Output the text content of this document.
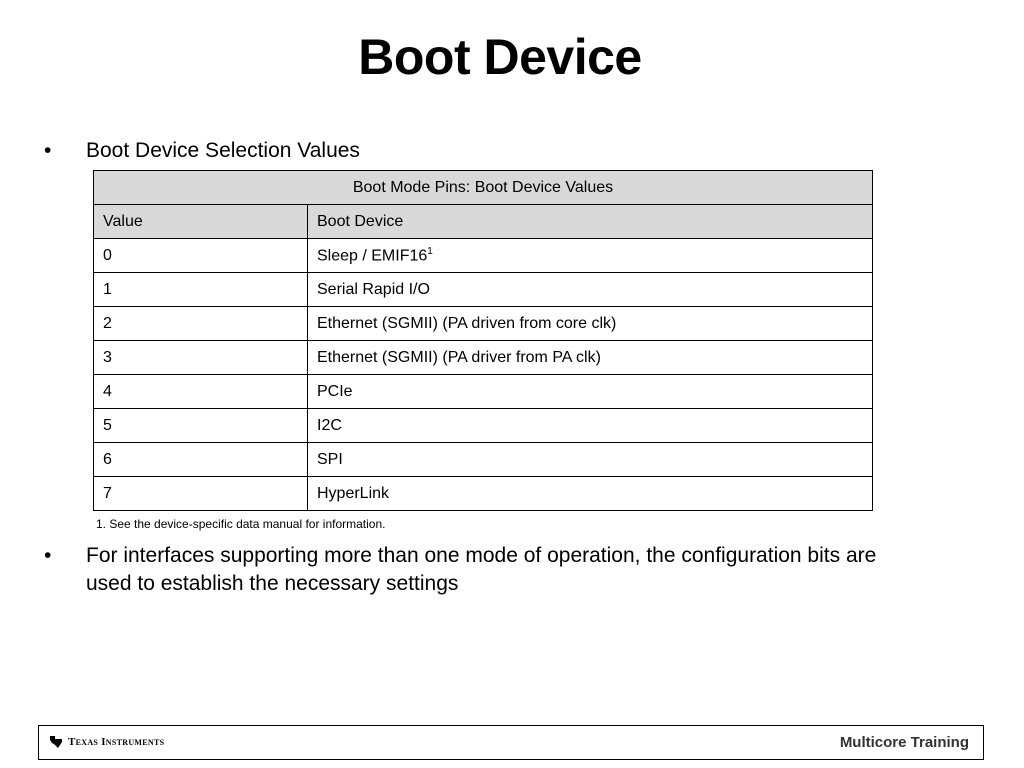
Boot Device
•	Boot Device Selection Values
Boot Mode Pins: Boot Device Values	
Value	Boot Device
0	Sleep / $EMIF16^1$
1	Serial Rapid I/O
2	Ethernet (SGMII) (PA driven from core clk)
3	Ethernet (SGMII) (PA driver from PA clk)
4	PCIe
5	I2C
6	SPI
7	HyperLink
1. See the device-specific data manual for information.
•	For interfaces supporting more than one mode of operation, the configuration bits are used to establish the necessary settings
Texas Instruments	Multicore Training
